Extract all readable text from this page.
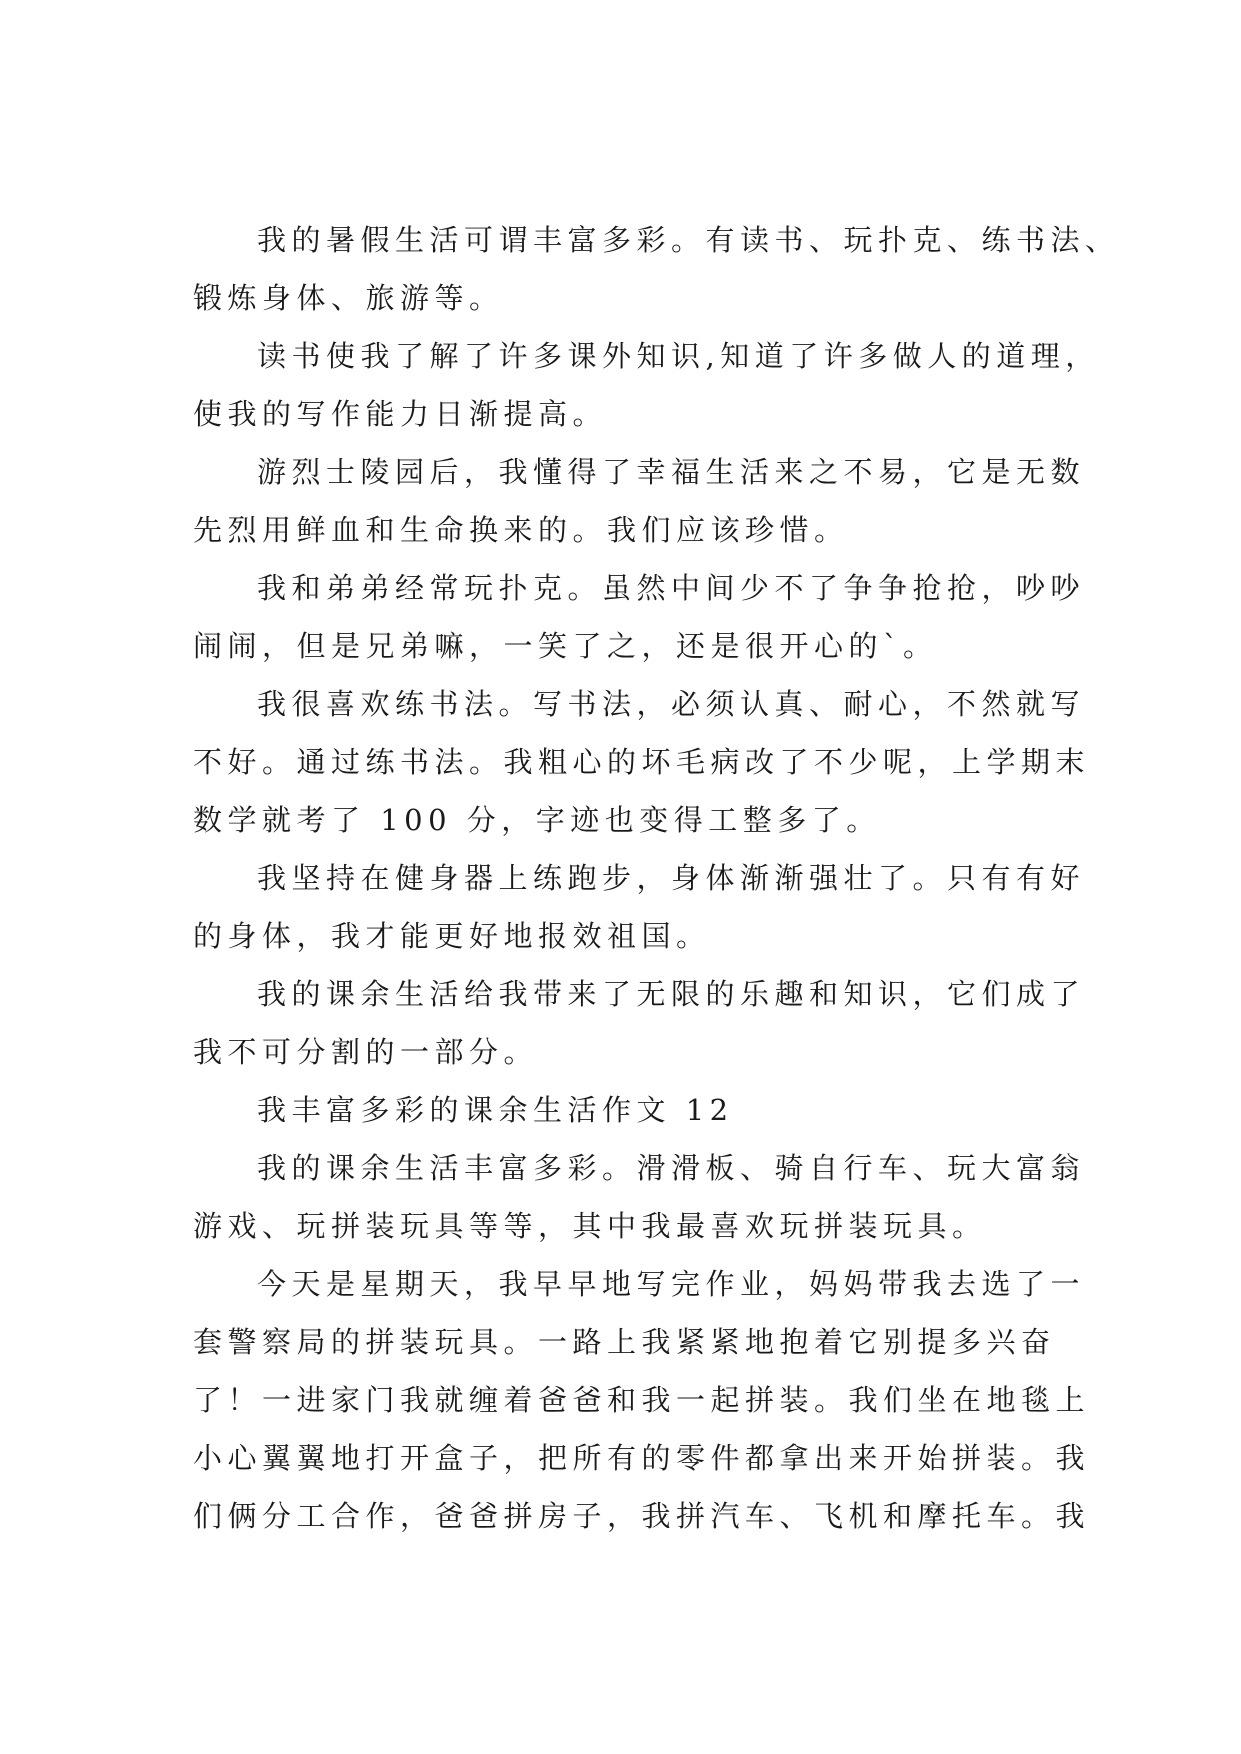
我的暑假生活可谓丰富多彩。有读书、玩扑克、练书法、
锻炼身体、旅游等。
读书使我了解了许多课外知识,知道了许多做人的道理，
使我的写作能力日渐提高。
游烈士陵园后，我懂得了幸福生活来之不易，它是无数
先烈用鲜血和生命换来的。我们应该珍惜。
我和弟弟经常玩扑克。虽然中间少不了争争抢抢，吵吵
闹闹，但是兄弟嘛，一笑了之，还是很开心的`。
我很喜欢练书法。写书法，必须认真、耐心，不然就写
不好。通过练书法。我粗心的坏毛病改了不少呢，上学期末
数学就考了 100 分，字迹也变得工整多了。
我坚持在健身器上练跑步，身体渐渐强壮了。只有有好
的身体，我才能更好地报效祖国。
我的课余生活给我带来了无限的乐趣和知识，它们成了
我不可分割的一部分。
我丰富多彩的课余生活作文 12
我的课余生活丰富多彩。滑滑板、骑自行车、玩大富翁
游戏、玩拼装玩具等等，其中我最喜欢玩拼装玩具。
今天是星期天，我早早地写完作业，妈妈带我去选了一
套警察局的拼装玩具。一路上我紧紧地抱着它别提多兴奋
了！一进家门我就缠着爸爸和我一起拼装。我们坐在地毯上
小心翼翼地打开盒子，把所有的零件都拿出来开始拼装。我
们俩分工合作，爸爸拼房子，我拼汽车、飞机和摩托车。我
